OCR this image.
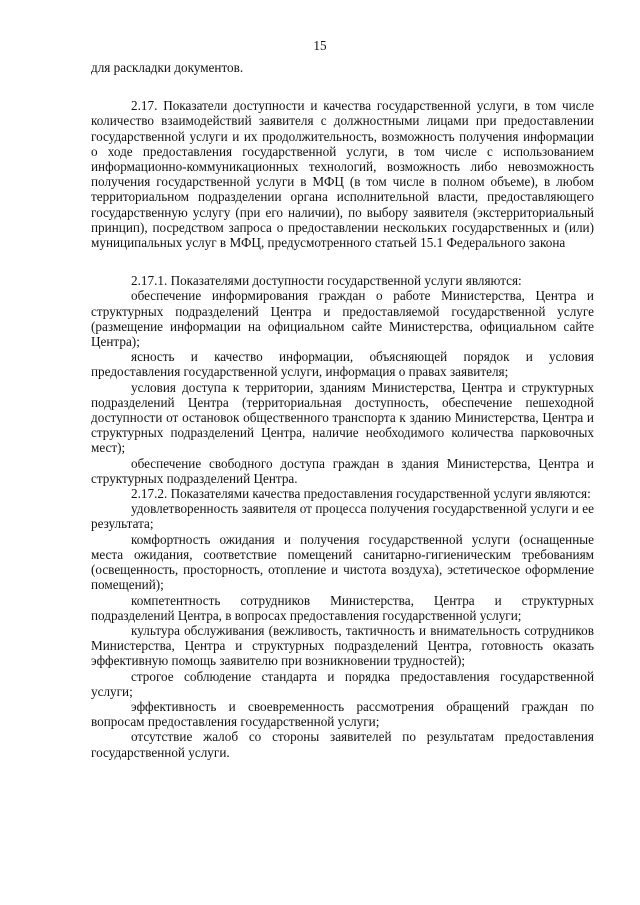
15

для раскладки документов.

2.17. Показатели доступности и качества государственной услуги, в том числе количество взаимодействий заявителя с должностными лицами при предоставлении государственной услуги и их продолжительность, возможность получения информации о ходе предоставления государственной услуги, в том числе с использованием информационно-коммуникационных технологий, возможность либо невозможность получения государственной услуги в МФЦ (в том числе в полном объеме), в любом территориальном подразделении органа исполнительной власти, предоставляющего государственную услугу (при его наличии), по выбору заявителя (экстерриториальный принцип), посредством запроса о предоставлении нескольких государственных и (или) муниципальных услуг в МФЦ, предусмотренного статьей 15.1 Федерального закона

2.17.1. Показателями доступности государственной услуги являются:

обеспечение информирования граждан о работе Министерства, Центра и структурных подразделений Центра и предоставляемой государственной услуге (размещение информации на официальном сайте Министерства, официальном сайте Центра);

ясность и качество информации, объясняющей порядок и условия предоставления государственной услуги, информация о правах заявителя;

условия доступа к территории, зданиям Министерства, Центра и структурных подразделений Центра (территориальная доступность, обеспечение пешеходной доступности от остановок общественного транспорта к зданию Министерства, Центра и структурных подразделений Центра, наличие необходимого количества парковочных мест);

обеспечение свободного доступа граждан в здания Министерства, Центра и структурных подразделений Центра.

2.17.2. Показателями качества предоставления государственной услуги являются:

удовлетворенность заявителя от процесса получения государственной услуги и ее результата;

комфортность ожидания и получения государственной услуги (оснащенные места ожидания, соответствие помещений санитарно-гигиеническим требованиям (освещенность, просторность, отопление и чистота воздуха), эстетическое оформление помещений);

компетентность сотрудников Министерства, Центра и структурных подразделений Центра, в вопросах предоставления государственной услуги;

культура обслуживания (вежливость, тактичность и внимательность сотрудников Министерства, Центра и структурных подразделений Центра, готовность оказать эффективную помощь заявителю при возникновении трудностей);

строгое соблюдение стандарта и порядка предоставления государственной услуги;

эффективность и своевременность рассмотрения обращений граждан по вопросам предоставления государственной услуги;

отсутствие жалоб со стороны заявителей по результатам предоставления государственной услуги.
